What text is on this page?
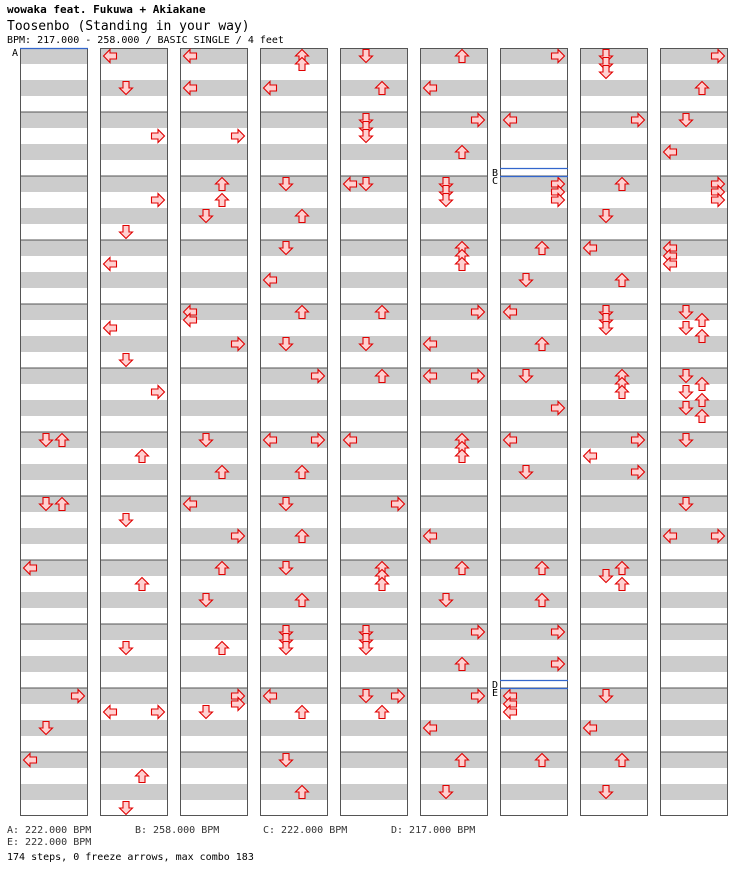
wowaka feat. Fukuwa + Akiakane
Toosenbo (Standing in your way)
BPM: 217.000 - 258.000 / BASIC SINGLE / 4 feet
A
B
C
D
E
A: 222.000 BPM	B: 258.000 BPM	C: 222.000 BPM	D: 217.000 BPM
E: 222.000 BPM
174 steps, 0 freeze arrows, max combo 183
